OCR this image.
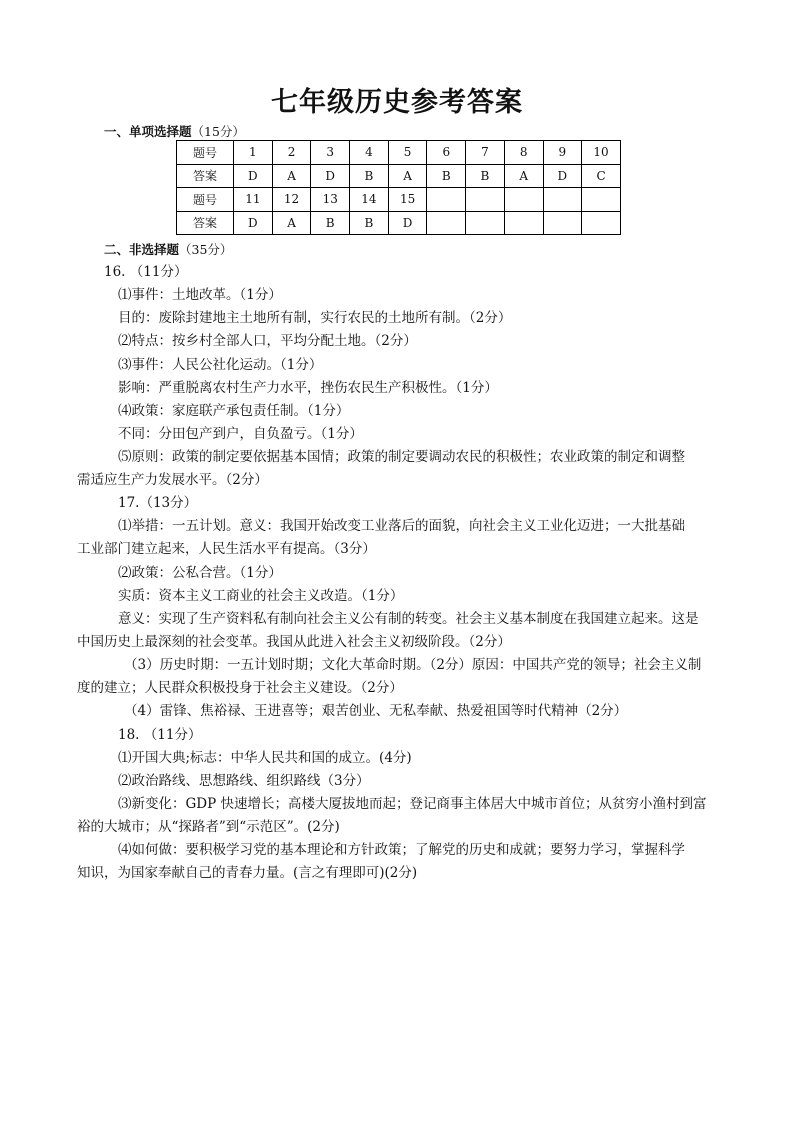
七年级历史参考答案
一、单项选择题（15分）
题号	1	2	3	4	5	6	7	8	9	10
答案	D	A	D	B	A	B	B	A	D	C
题号	11	12	13	14	15					
答案	D	A	B	B	D					
二、非选择题（35分）
16. （11分）
⑴事件：土地改革。（1分）
目的：废除封建地主土地所有制，实行农民的土地所有制。（2分）
⑵特点：按乡村全部人口，平均分配土地。（2分）
⑶事件：人民公社化运动。（1分）
影响：严重脱离农村生产力水平，挫伤农民生产积极性。（1分）
⑷政策：家庭联产承包责任制。（1分）
不同：分田包产到户，自负盈亏。（1分）
⑸原则：政策的制定要依据基本国情；政策的制定要调动农民的积极性；农业政策的制定和调整
需适应生产力发展水平。（2分）
17.（13分）
⑴举措：一五计划。意义：我国开始改变工业落后的面貌，向社会主义工业化迈进；一大批基础
工业部门建立起来，人民生活水平有提高。（3分）
⑵政策：公私合营。（1分）
实质：资本主义工商业的社会主义改造。（1分）
意义：实现了生产资料私有制向社会主义公有制的转变。社会主义基本制度在我国建立起来。这是
中国历史上最深刻的社会变革。我国从此进入社会主义初级阶段。（2分）
（3）历史时期：一五计划时期；文化大革命时期。（2分）原因：中国共产党的领导；社会主义制
度的建立；人民群众积极投身于社会主义建设。（2分）
（4）雷锋、焦裕禄、王进喜等；艰苦创业、无私奉献、热爱祖国等时代精神（2分）
18. （11分）
⑴开国大典;标志：中华人民共和国的成立。(4分)
⑵政治路线、思想路线、组织路线（3分）
⑶新变化：GDP 快速增长；高楼大厦拔地而起；登记商事主体居大中城市首位；从贫穷小渔村到富
裕的大城市；从“探路者”到“示范区”。(2分)
⑷如何做：要积极学习党的基本理论和方针政策；了解党的历史和成就；要努力学习，掌握科学
知识，为国家奉献自己的青春力量。(言之有理即可)(2分)
